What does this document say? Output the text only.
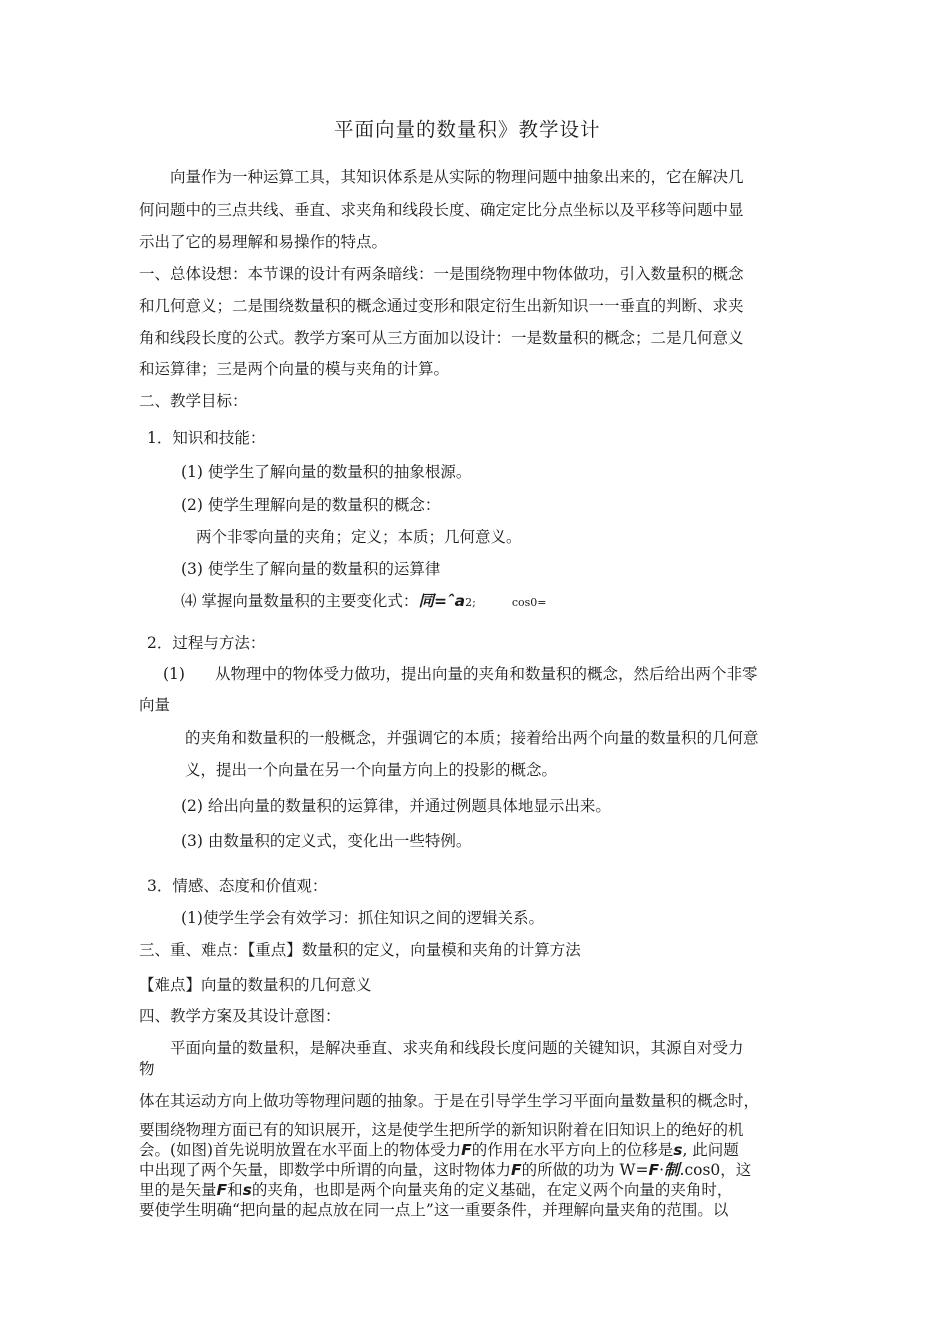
平面向量的数量积》教学设计
向量作为一种运算工具，其知识体系是从实际的物理问题中抽象出来的，它在解决几
何问题中的三点共线、垂直、求夹角和线段长度、确定定比分点坐标以及平移等问题中显
示出了它的易理解和易操作的特点。
一、总体设想：本节课的设计有两条暗线：一是围绕物理中物体做功，引入数量积的概念
和几何意义；二是围绕数量积的概念通过变形和限定衍生出新知识一一垂直的判断、求夹
角和线段长度的公式。教学方案可从三方面加以设计：一是数量积的概念；二是几何意义
和运算律；三是两个向量的模与夹角的计算。
二、教学目标：
1．知识和技能：
(1) 使学生了解向量的数量积的抽象根源。
(2) 使学生理解向是的数量积的概念：
两个非零向量的夹角；定义；本质；几何意义。
(3) 使学生了解向量的数量积的运算律
⑷ 掌握向量数量积的主要变化式：同=ˆa2;	cos0=
2．过程与方法：
(1) 从物理中的物体受力做功，提出向量的夹角和数量积的概念，然后给出两个非零
向量
的夹角和数量积的一般概念，并强调它的本质；接着给出两个向量的数量积的几何意
义，提出一个向量在另一个向量方向上的投影的概念。
(2) 给出向量的数量积的运算律，并通过例题具体地显示出来。
(3) 由数量积的定义式，变化出一些特例。
3．情感、态度和价值观：
(1)使学生学会有效学习：抓住知识之间的逻辑关系。
三、重、难点：【重点】数量积的定义，向量模和夹角的计算方法
【难点】向量的数量积的几何意义
四、教学方案及其设计意图：
平面向量的数量积，是解决垂直、求夹角和线段长度问题的关键知识，其源自对受力
物
体在其运动方向上做功等物理问题的抽象。于是在引导学生学习平面向量数量积的概念时，
要围绕物理方面已有的知识展开，这是使学生把所学的新知识附着在旧知识上的绝好的机
会。(如图)首先说明放置在水平面上的物体受力F的作用在水平方向上的位移是s, 此问题
中出现了两个矢量，即数学中所谓的向量，这时物体力F的所做的功为 W=F·制.cos0，这
里的是矢量F和s的夹角，也即是两个向量夹角的定义基础，在定义两个向量的夹角时，
要使学生明确“把向量的起点放在同一点上”这一重要条件，并理解向量夹角的范围。以
